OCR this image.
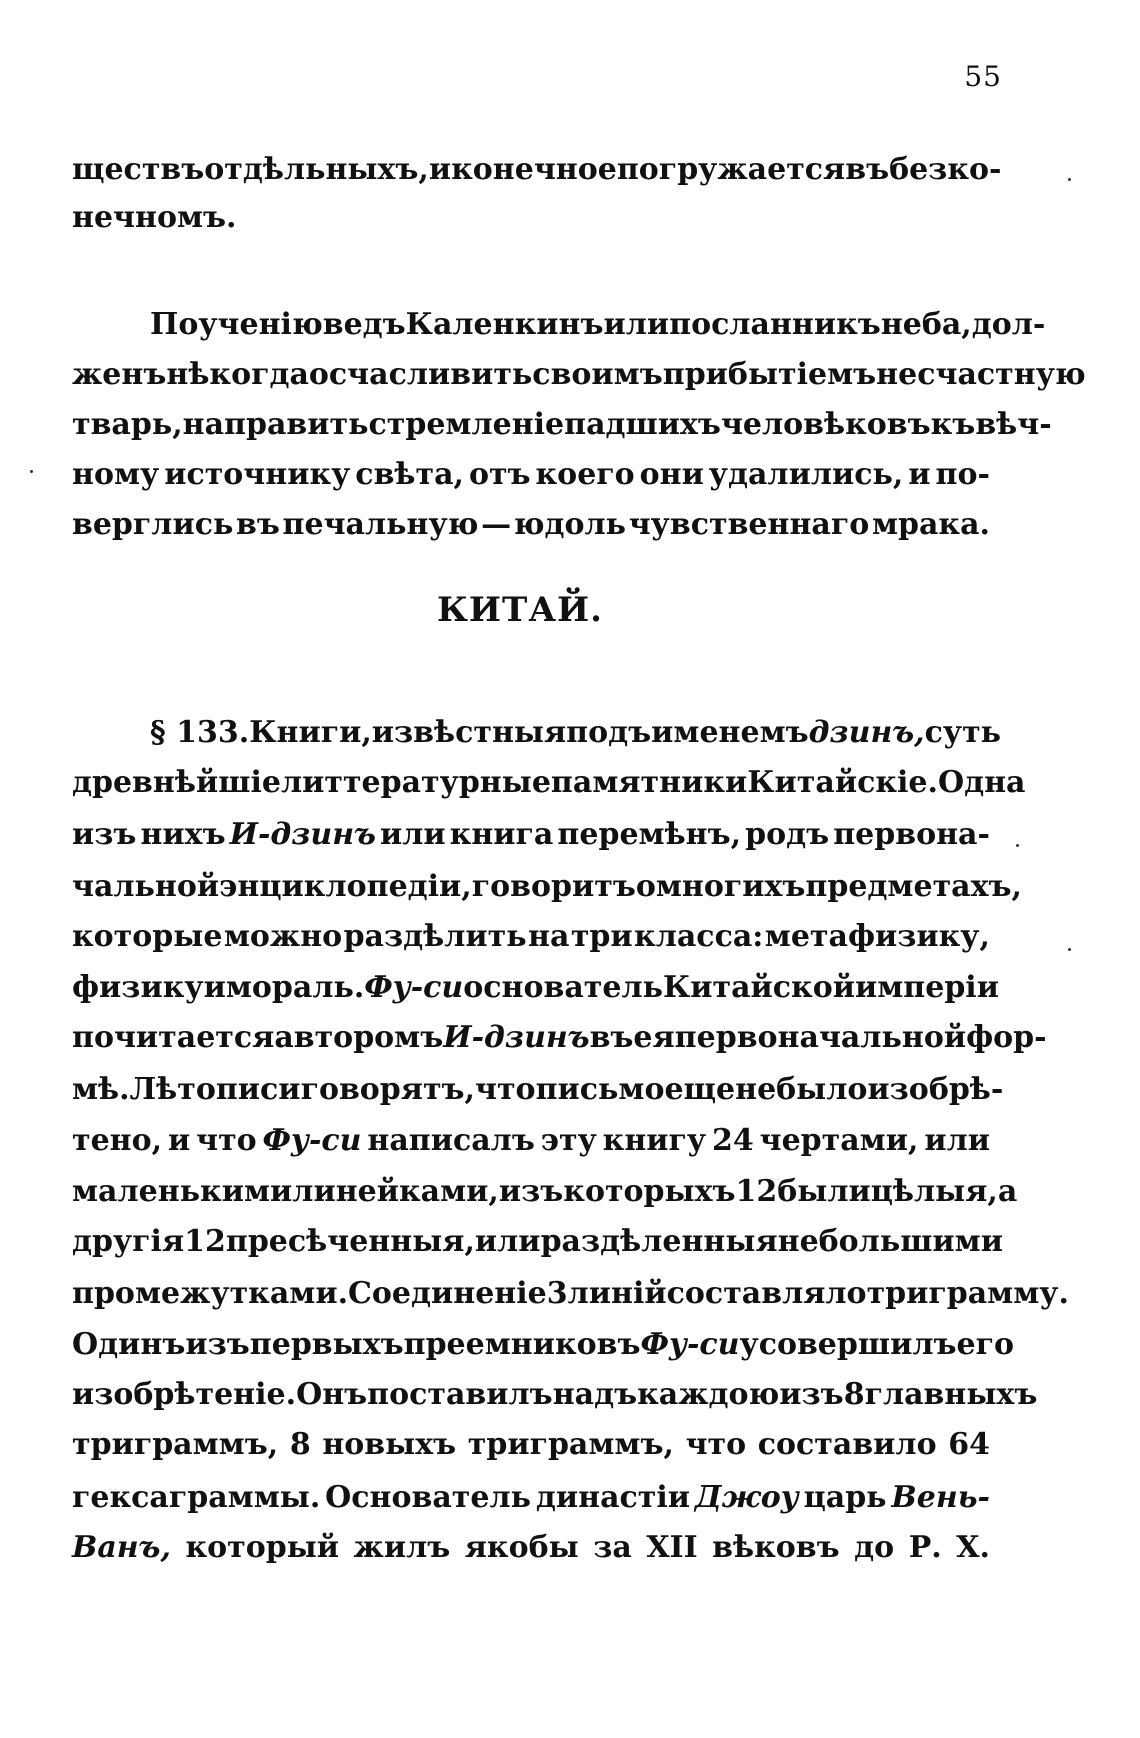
55
ществъ отдѣльныхъ, и конечное погружается въ безко-
нечномъ.
По ученію ведъ Каленкинъ или посланникъ неба, дол-
женъ нѣкогда осчасливить своимъ прибытіемъ несчастную
тварь, направить стремленіе падшихъ человѣковъ къ вѣч-
ному источнику свѣта, отъ коего они удалились, и по-
верглись въ печальную — юдоль чувственнаго мрака.
КИТАЙ.
§ 133. Книги, извѣстныя подъ именемъ дзинъ, суть
древнѣйшіе литтературные памятники Китайскіе. Одна
изъ нихъ И-дзинъ или книга перемѣнъ, родъ первона-
чальной энциклопедіи, говоритъ о многихъ предметахъ,
которые можно раздѣлить на три класса: метафизику,
физику и мораль. Фу-си основатель Китайской имперіи
почитается авторомъ И-дзинъ въ ея первоначальной фор-
мѣ. Лѣтописи говорятъ, что письмо еще не было изобрѣ-
тено, и что Фу-си написалъ эту книгу 24 чертами, или
маленькими линейками, изъ которыхъ 12 были цѣлыя, а
другія 12 пресѣченныя, или раздѣленныя не большими
промежутками. Соединеніе 3 линій составляло триграмму.
Одинъ изъ первыхъ преемниковъ Фу-си усовершилъ его
изобрѣтеніе. Онъ поставилъ надъ каждою изъ 8 главныхъ
триграммъ, 8 новыхъ триграммъ, что составило 64
гексаграммы. Основатель династіи Джоу царь Вень-
Ванъ, который жилъ якобы за XII вѣковъ до Р. Х.
